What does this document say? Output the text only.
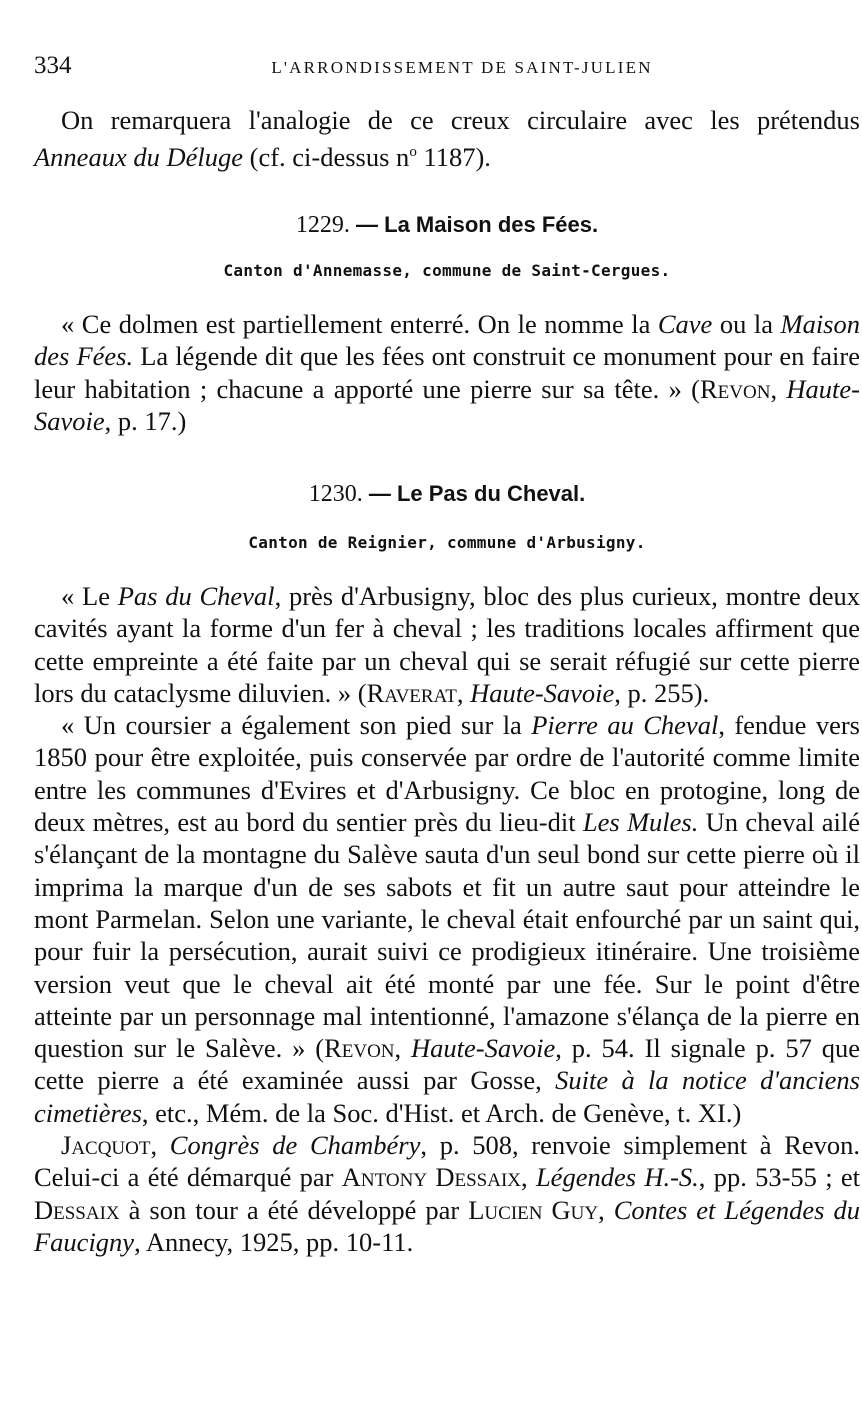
334	L'ARRONDISSEMENT DE SAINT-JULIEN

On remarquera l'analogie de ce creux circulaire avec les prétendus Anneaux du Déluge (cf. ci-dessus $n^o$ 1187).

1229. — La Maison des Fées.
Canton d'Annemasse, commune de Saint-Cergues.

« Ce dolmen est partiellement enterré. On le nomme la Cave ou la Maison des Fées. La légende dit que les fées ont construit ce monument pour en faire leur habitation ; chacune a apporté une pierre sur sa tête. » (Revon, Haute-Savoie, p. 17.)

1230. — Le Pas du Cheval.
Canton de Reignier, commune d'Arbusigny.

« Le Pas du Cheval, près d'Arbusigny, bloc des plus curieux, montre deux cavités ayant la forme d'un fer à cheval ; les traditions locales affirment que cette empreinte a été faite par un cheval qui se serait réfugié sur cette pierre lors du cataclysme diluvien. » (Raverat, Haute-Savoie, p. 255).

« Un coursier a également son pied sur la Pierre au Cheval, fendue vers 1850 pour être exploitée, puis conservée par ordre de l'autorité comme limite entre les communes d'Evires et d'Arbusigny. Ce bloc en protogine, long de deux mètres, est au bord du sentier près du lieu-dit Les Mules. Un cheval ailé s'élançant de la montagne du Salève sauta d'un seul bond sur cette pierre où il imprima la marque d'un de ses sabots et fit un autre saut pour atteindre le mont Parmelan. Selon une variante, le cheval était enfourché par un saint qui, pour fuir la persécution, aurait suivi ce prodigieux itinéraire. Une troisième version veut que le cheval ait été monté par une fée. Sur le point d'être atteinte par un personnage mal intentionné, l'amazone s'élança de la pierre en question sur le Salève. » (Revon, Haute-Savoie, p. 54. Il signale p. 57 que cette pierre a été examinée aussi par Gosse, Suite à la notice d'anciens cimetières, etc., Mém. de la Soc. d'Hist. et Arch. de Genève, t. XI.)

Jacquot, Congrès de Chambéry, p. 508, renvoie simplement à Revon. Celui-ci a été démarqué par Antony Dessaix, Légendes H.-S., pp. 53-55 ; et Dessaix à son tour a été développé par Lucien Guy, Contes et Légendes du Faucigny, Annecy, 1925, pp. 10-11.
